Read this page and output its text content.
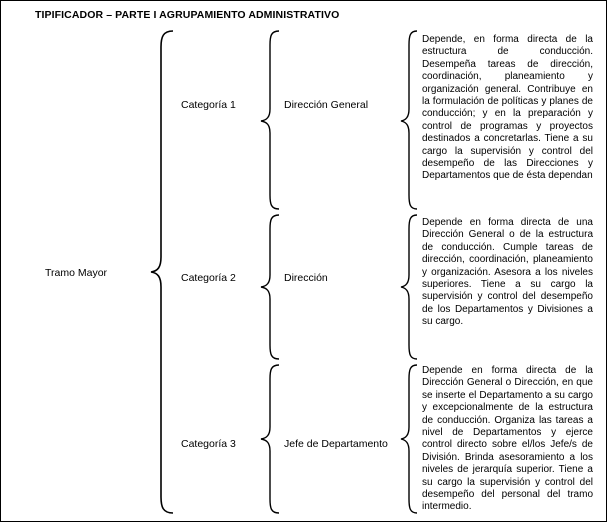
TIPIFICADOR – PARTE I AGRUPAMIENTO ADMINISTRATIVO
Tramo Mayor
Categoría 1
Categoría 2
Categoría 3
Dirección General
Dirección
Jefe de Departamento
Depende, en forma directa de la estructura de conducción. Desempeña tareas de dirección, coordinación, planeamiento y organización general. Contribuye en la formulación de políticas y planes de conducción; y en la preparación y control de programas y proyectos destinados a concretarlas. Tiene a su cargo la supervisión y control del desempeño de las Direcciones y Departamentos que de ésta dependan
Depende en forma directa de una Dirección General o de la estructura de conducción. Cumple tareas de dirección, coordinación, planeamiento y organización. Asesora a los niveles superiores. Tiene a su cargo la supervisión y control del desempeño de los Departamentos y Divisiones a su cargo.
Depende en forma directa de la Dirección General o Dirección, en que se inserte el Departamento a su cargo y excepcionalmente de la estructura de conducción. Organiza las tareas a nivel de Departamentos y ejerce control directo sobre el/los Jefe/s de División. Brinda asesoramiento a los niveles de jerarquía superior. Tiene a su cargo la supervisión y control del desempeño del personal del tramo intermedio.
